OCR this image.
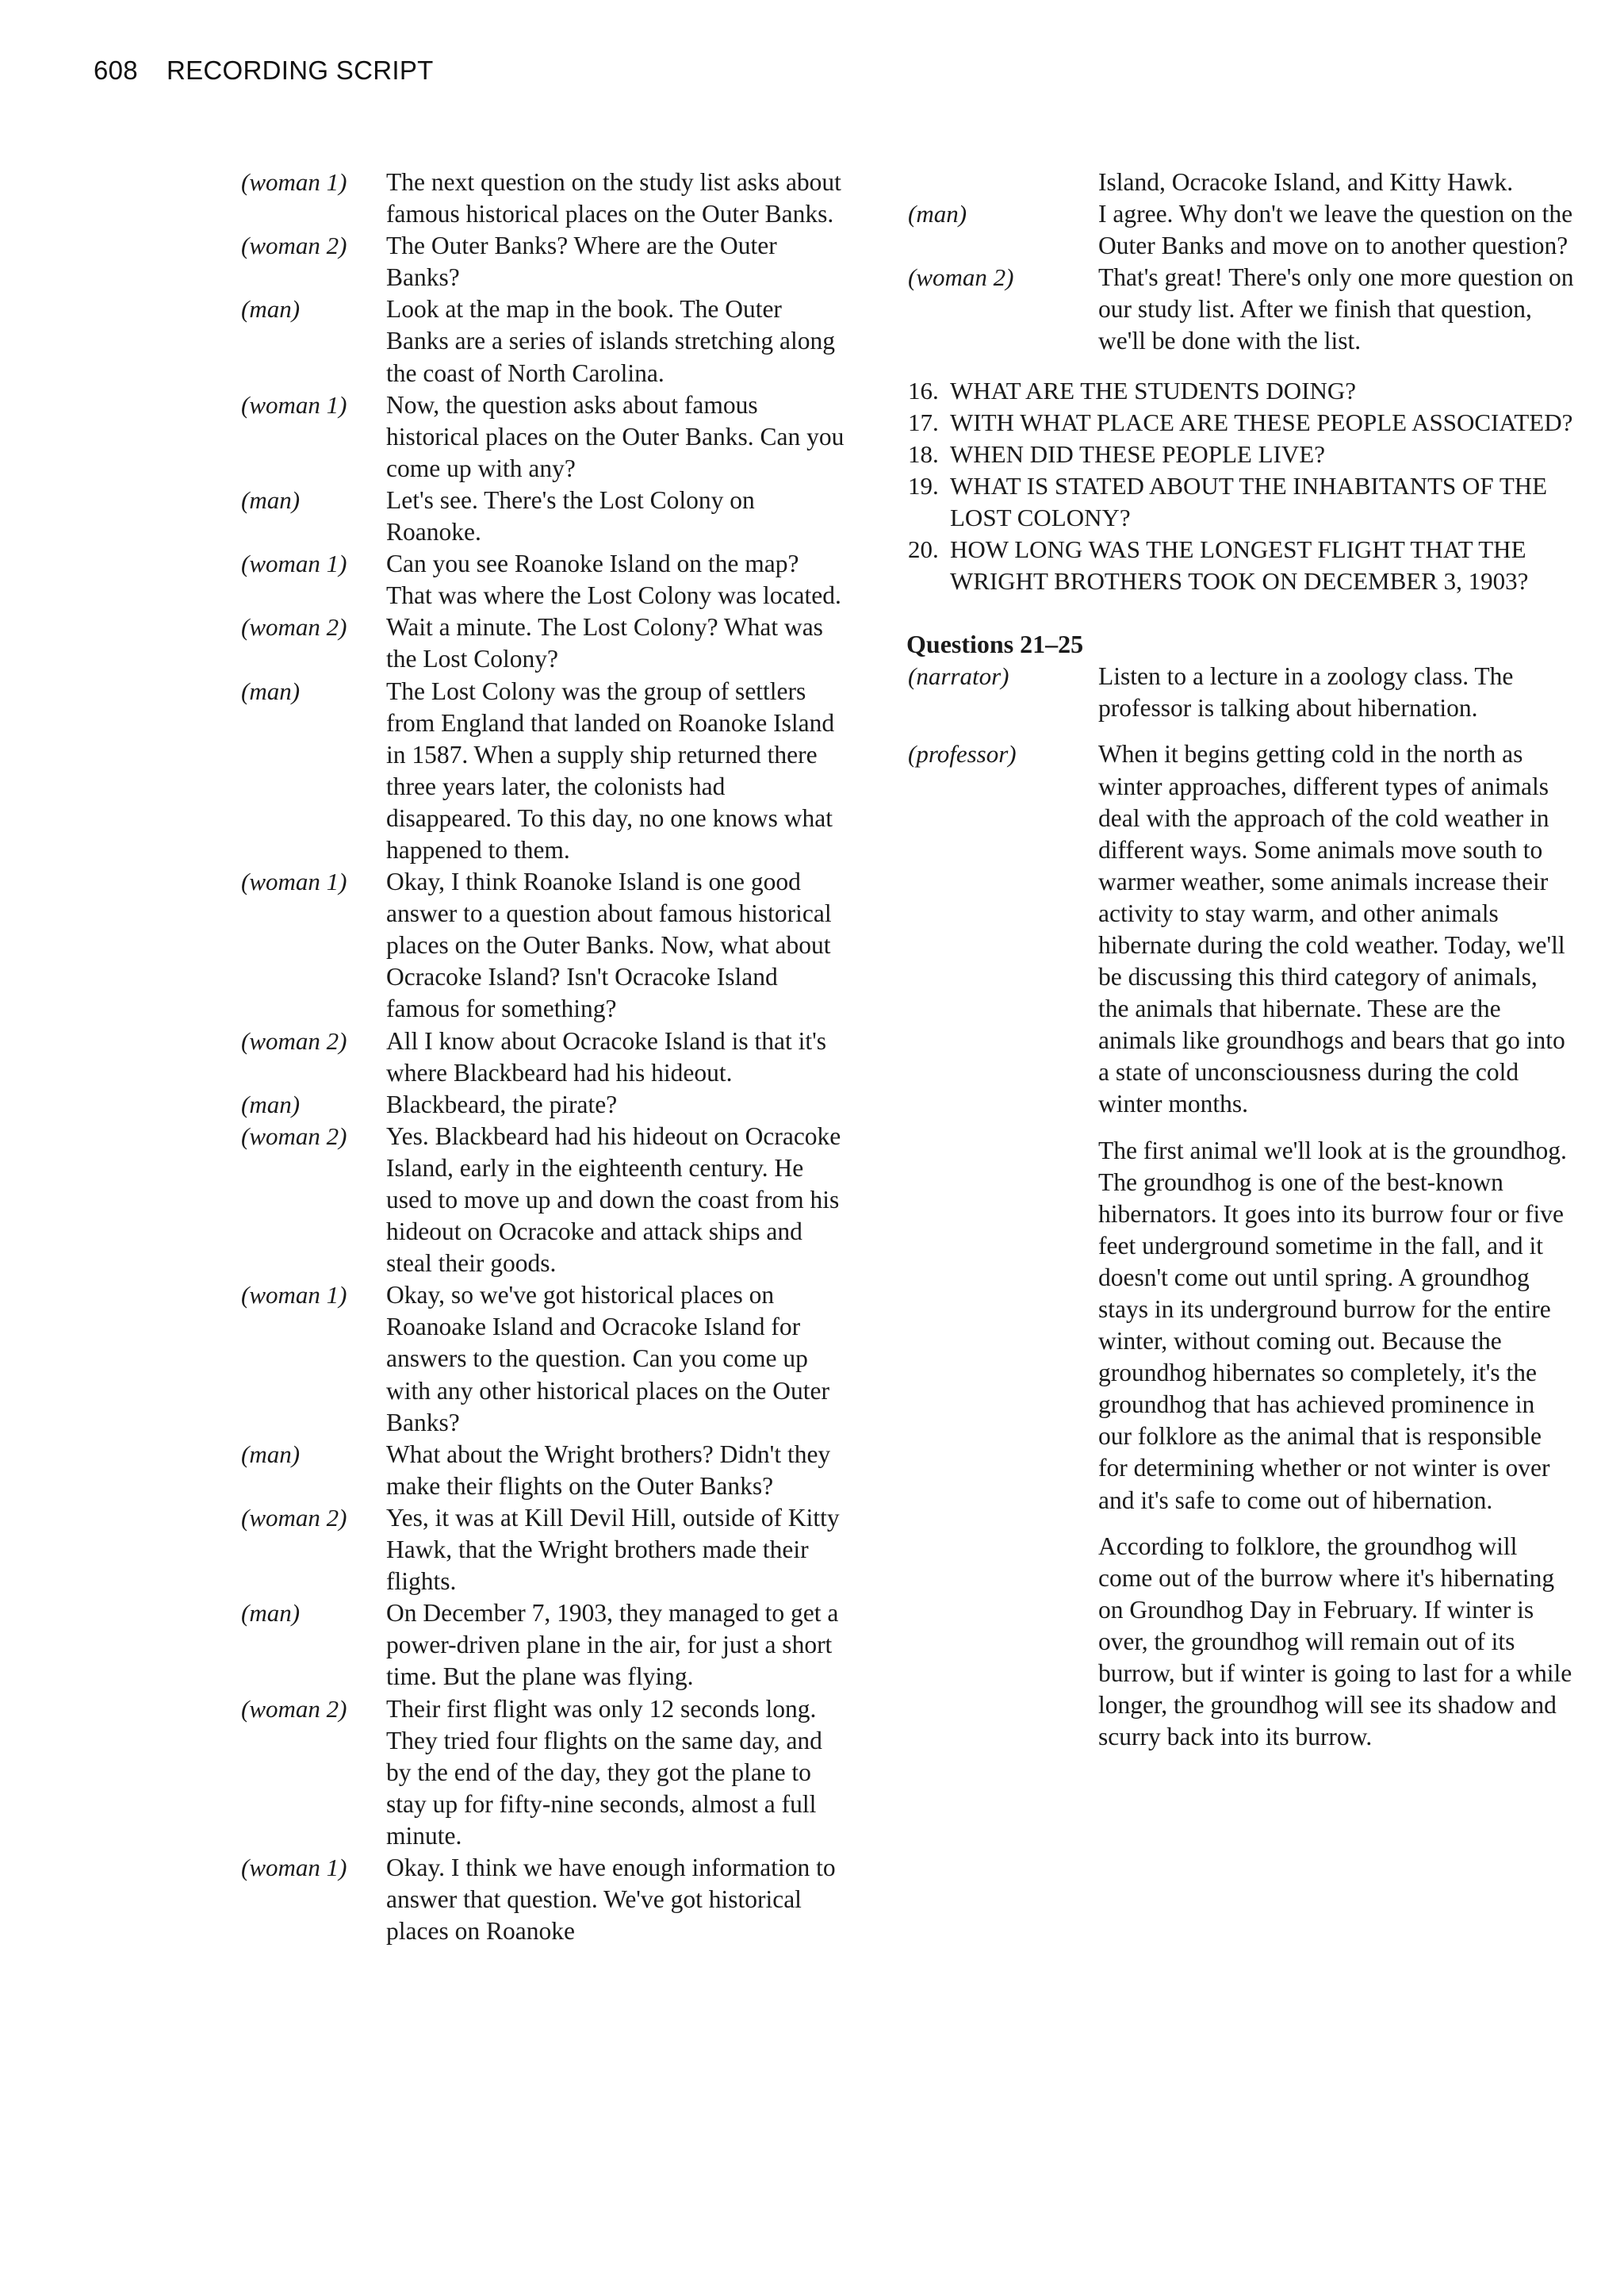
608 RECORDING SCRIPT
(woman 1)	The next question on the study list asks about famous historical places on the Outer Banks.
(woman 2)	The Outer Banks? Where are the Outer Banks?
(man)	Look at the map in the book. The Outer Banks are a series of islands stretching along the coast of North Carolina.
(woman 1)	Now, the question asks about famous historical places on the Outer Banks. Can you come up with any?
(man)	Let's see. There's the Lost Colony on Roanoke.
(woman 1)	Can you see Roanoke Island on the map? That was where the Lost Colony was located.
(woman 2)	Wait a minute. The Lost Colony? What was the Lost Colony?
(man)	The Lost Colony was the group of settlers from England that landed on Roanoke Island in 1587. When a supply ship returned there three years later, the colonists had disappeared. To this day, no one knows what happened to them.
(woman 1)	Okay, I think Roanoke Island is one good answer to a question about famous historical places on the Outer Banks. Now, what about Ocracoke Island? Isn't Ocracoke Island famous for something?
(woman 2)	All I know about Ocracoke Island is that it's where Blackbeard had his hideout.
(man)	Blackbeard, the pirate?
(woman 2)	Yes. Blackbeard had his hideout on Ocracoke Island, early in the eighteenth century. He used to move up and down the coast from his hideout on Ocracoke and attack ships and steal their goods.
(woman 1)	Okay, so we've got historical places on Roanoake Island and Ocracoke Island for answers to the question. Can you come up with any other historical places on the Outer Banks?
(man)	What about the Wright brothers? Didn't they make their flights on the Outer Banks?
(woman 2)	Yes, it was at Kill Devil Hill, outside of Kitty Hawk, that the Wright brothers made their flights.
(man)	On December 7, 1903, they managed to get a power-driven plane in the air, for just a short time. But the plane was flying.
(woman 2)	Their first flight was only 12 seconds long. They tried four flights on the same day, and by the end of the day, they got the plane to stay up for fifty-nine seconds, almost a full minute.
(woman 1)	Okay. I think we have enough information to answer that question. We've got historical places on Roanoke
Island, Ocracoke Island, and Kitty Hawk.
(man)	I agree. Why don't we leave the question on the Outer Banks and move on to another question?
(woman 2)	That's great! There's only one more question on our study list. After we finish that question, we'll be done with the list.
16. WHAT ARE THE STUDENTS DOING?
17. WITH WHAT PLACE ARE THESE PEOPLE ASSOCIATED?
18. WHEN DID THESE PEOPLE LIVE?
19. WHAT IS STATED ABOUT THE INHABITANTS OF THE LOST COLONY?
20. HOW LONG WAS THE LONGEST FLIGHT THAT THE WRIGHT BROTHERS TOOK ON DECEMBER 3, 1903?
Questions 21–25
(narrator)	Listen to a lecture in a zoology class. The professor is talking about hibernation.
(professor)	When it begins getting cold in the north as winter approaches, different types of animals deal with the approach of the cold weather in different ways. Some animals move south to warmer weather, some animals increase their activity to stay warm, and other animals hibernate during the cold weather. Today, we'll be discussing this third category of animals, the animals that hibernate. These are the animals like groundhogs and bears that go into a state of unconsciousness during the cold winter months.
The first animal we'll look at is the groundhog. The groundhog is one of the best-known hibernators. It goes into its burrow four or five feet underground sometime in the fall, and it doesn't come out until spring. A groundhog stays in its underground burrow for the entire winter, without coming out. Because the groundhog hibernates so completely, it's the groundhog that has achieved prominence in our folklore as the animal that is responsible for determining whether or not winter is over and it's safe to come out of hibernation.
According to folklore, the groundhog will come out of the burrow where it's hibernating on Groundhog Day in February. If winter is over, the groundhog will remain out of its burrow, but if winter is going to last for a while longer, the groundhog will see its shadow and scurry back into its burrow.
